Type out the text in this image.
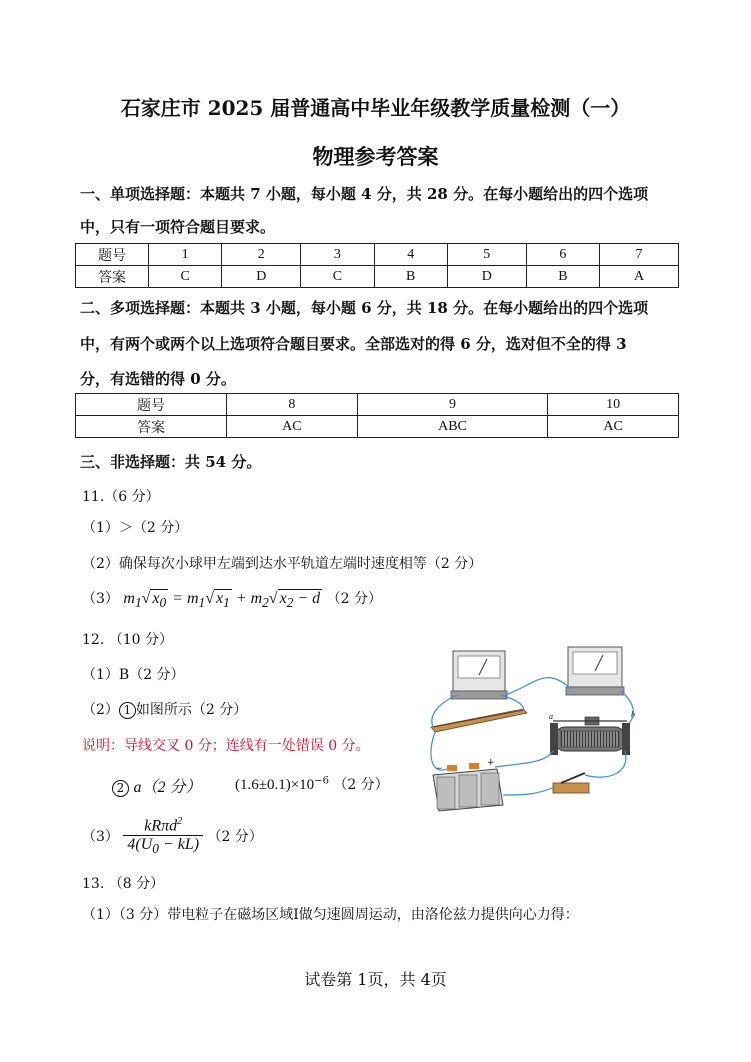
石家庄市 2025 届普通高中毕业年级教学质量检测（一）
物理参考答案
一、单项选择题：本题共 7 小题，每小题 4 分，共 28 分。在每小题给出的四个选项
中，只有一项符合题目要求。
题号	1	2	3	4	5	6	7
答案	C	D	C	B	D	B	A
二、多项选择题：本题共 3 小题，每小题 6 分，共 18 分。在每小题给出的四个选项
中，有两个或两个以上选项符合题目要求。全部选对的得 6 分，选对但不全的得 3
分，有选错的得 0 分。
题号	8	9	10
答案	AC	ABC	AC
三、非选择题：共 54 分。
11.（6 分）
（1）＞（2 分）
（2）确保每次小球甲左端到达水平轨道左端时速度相等（2 分）
（3） $m_1√$ $x_0 = m_1√$ $x_1 + m_2√$ $x_2 - d$ （2 分）
12. （10 分）
（1）B（2 分）
（2） 1 如图所示（2 分）
说明：导线交叉 0 分；连线有一处错误 0 分。
2 a（2 分） $(1.6\pm 0.1)\times 10^{-6}$ （2 分）
$(3) \frac{kR\pi d^2}{4(U_0 - kL)} (2$ 分）
a	b
+
−
13. （8 分）
（1）（3 分）带电粒子在磁场区域Ⅰ做匀速圆周运动，由洛伦兹力提供向心力得：
试卷第 1页，共 4页
